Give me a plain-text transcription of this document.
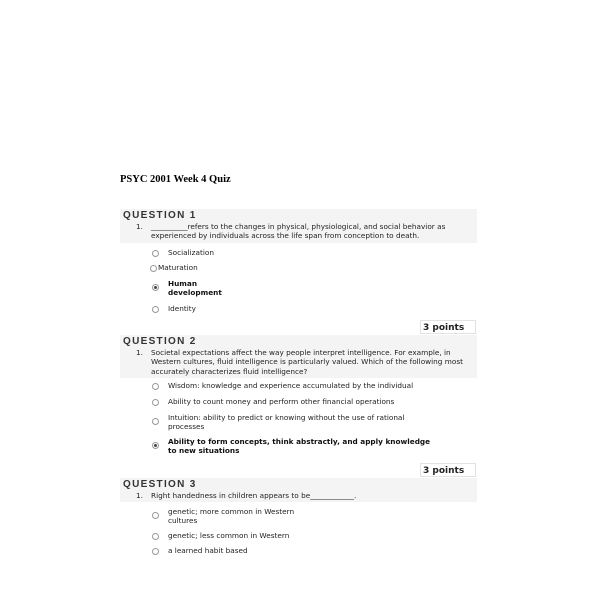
PSYC 2001 Week 4 Quiz
QUESTION 1
1.	__________refers to the changes in physical, physiological, and social behavior as experienced by individuals across the life span from conception to death.
Socialization
Maturation
Human development
Identity
3 points
QUESTION 2
1.	Societal expectations affect the way people interpret intelligence. For example, in Western cultures, fluid intelligence is particularly valued. Which of the following most accurately characterizes fluid intelligence?
Wisdom: knowledge and experience accumulated by the individual
Ability to count money and perform other financial operations
Intuition: ability to predict or knowing without the use of rational processes
Ability to form concepts, think abstractly, and apply knowledge to new situations
3 points
QUESTION 3
1.	Right handedness in children appears to be____________.
genetic; more common in Western cultures
genetic; less common in Western
a learned habit based
